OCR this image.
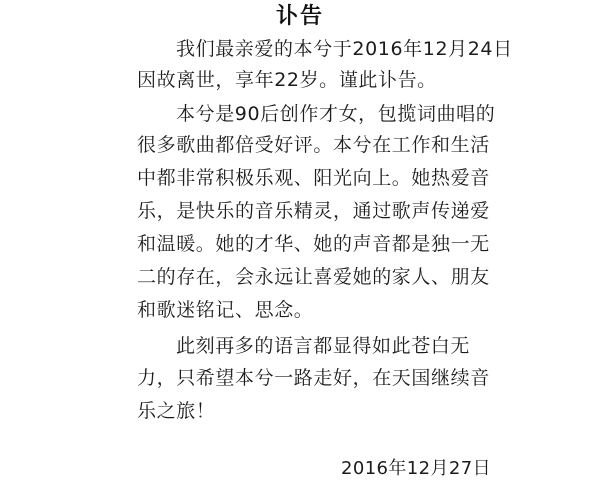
讣告
我们最亲爱的本兮于2016年12月24日
因故离世，享年22岁。谨此讣告。
本兮是90后创作才女，包揽词曲唱的
很多歌曲都倍受好评。本兮在工作和生活
中都非常积极乐观、阳光向上。她热爱音
乐，是快乐的音乐精灵，通过歌声传递爱
和温暖。她的才华、她的声音都是独一无
二的存在，会永远让喜爱她的家人、朋友
和歌迷铭记、思念。
此刻再多的语言都显得如此苍白无
力，只希望本兮一路走好，在天国继续音
乐之旅！
2016年12月27日
